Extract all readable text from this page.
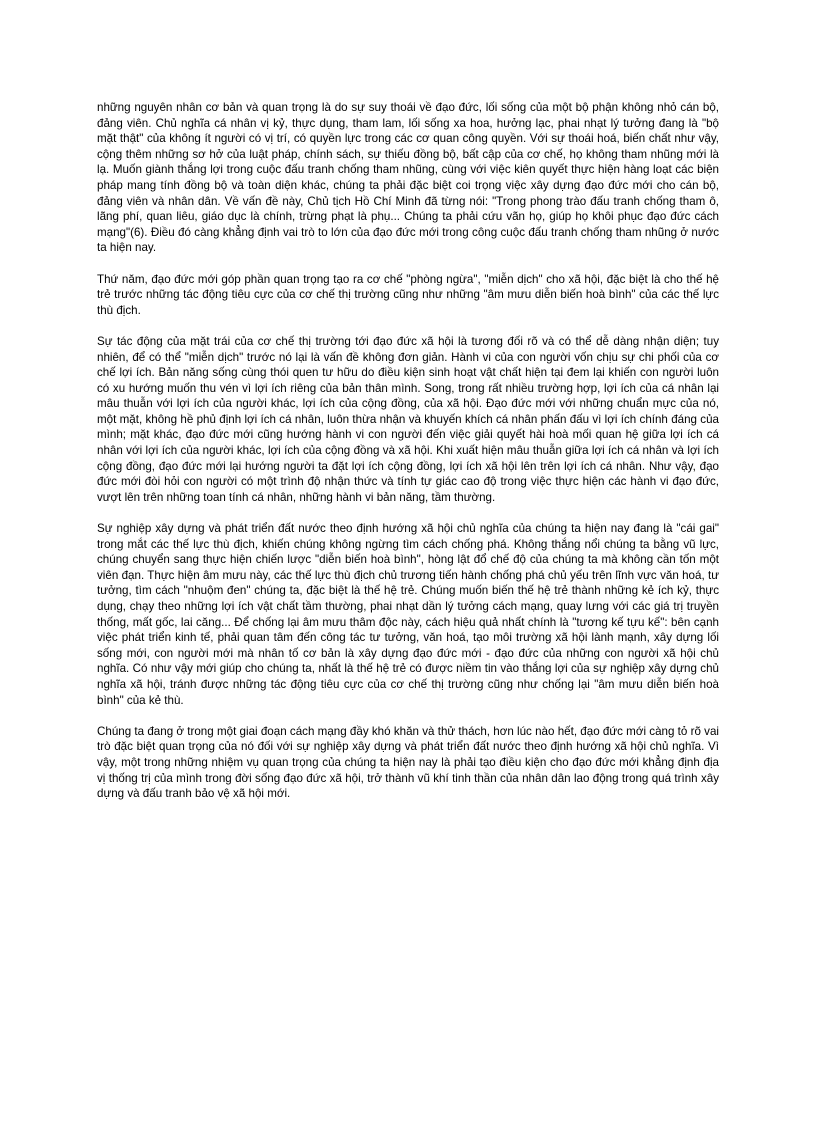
những nguyên nhân cơ bản và quan trọng là do sự suy thoái về đạo đức, lối sống của một bộ phận không nhỏ cán bộ, đảng viên. Chủ nghĩa cá nhân vị kỷ, thực dụng, tham lam, lối sống xa hoa, hưởng lạc, phai nhạt lý tưởng đang là "bộ mặt thật" của không ít người có vị trí, có quyền lực trong các cơ quan công quyền. Với sự thoái hoá, biến chất như vậy, cộng thêm những sơ hở của luật pháp, chính sách, sự thiếu đồng bộ, bất cập của cơ chế, họ không tham nhũng mới là lạ. Muốn giành thắng lợi trong cuộc đấu tranh chống tham nhũng, cùng với việc kiên quyết thực hiện hàng loạt các biện pháp mang tính đồng bộ và toàn diện khác, chúng ta phải đặc biệt coi trọng việc xây dựng đạo đức mới cho cán bộ, đảng viên và nhân dân. Về vấn đề này, Chủ tịch Hồ Chí Minh đã từng nói: "Trong phong trào đấu tranh chống tham ô, lãng phí, quan liêu, giáo dục là chính, trừng phạt là phụ... Chúng ta phải cứu vãn họ, giúp họ khôi phục đạo đức cách mạng"(6). Điều đó càng khẳng định vai trò to lớn của đạo đức mới trong công cuộc đấu tranh chống tham nhũng ở nước ta hiện nay.

Thứ năm, đạo đức mới góp phần quan trọng tạo ra cơ chế "phòng ngừa", "miễn dịch" cho xã hội, đặc biệt là cho thế hệ trẻ trước những tác động tiêu cực của cơ chế thị trường cũng như những "âm mưu diễn biến hoà bình" của các thế lực thù địch.

Sự tác động của mặt trái của cơ chế thị trường tới đạo đức xã hội là tương đối rõ và có thể dễ dàng nhận diện; tuy nhiên, để có thể "miễn dịch" trước nó lại là vấn đề không đơn giản. Hành vi của con người vốn chịu sự chi phối của cơ chế lợi ích. Bản năng sống cùng thói quen tư hữu do điều kiện sinh hoạt vật chất hiện tại đem lại khiến con người luôn có xu hướng muốn thu vén vì lợi ích riêng của bản thân mình. Song, trong rất nhiều trường hợp, lợi ích của cá nhân lại mâu thuẫn với lợi ích của người khác, lợi ích của cộng đồng, của xã hội. Đạo đức mới với những chuẩn mực của nó, một mặt, không hề phủ định lợi ích cá nhân, luôn thừa nhận và khuyến khích cá nhân phấn đấu vì lợi ích chính đáng của mình; mặt khác, đạo đức mới cũng hướng hành vi con người đến việc giải quyết hài hoà mối quan hệ giữa lợi ích cá nhân với lợi ích của người khác, lợi ích của cộng đồng và xã hội. Khi xuất hiện mâu thuẫn giữa lợi ích cá nhân và lợi ích cộng đồng, đạo đức mới lại hướng người ta đặt lợi ích cộng đồng, lợi ích xã hội lên trên lợi ích cá nhân. Như vậy, đạo đức mới đòi hỏi con người có một trình độ nhận thức và tính tự giác cao độ trong việc thực hiện các hành vi đạo đức, vượt lên trên những toan tính cá nhân, những hành vi bản năng, tầm thường.

Sự nghiệp xây dựng và phát triển đất nước theo định hướng xã hội chủ nghĩa của chúng ta hiện nay đang là "cái gai" trong mắt các thế lực thù địch, khiến chúng không ngừng tìm cách chống phá. Không thắng nổi chúng ta bằng vũ lực, chúng chuyển sang thực hiện chiến lược "diễn biến hoà bình", hòng lật đổ chế độ của chúng ta mà không cần tốn một viên đạn. Thực hiện âm mưu này, các thế lực thù địch chủ trương tiến hành chống phá chủ yếu trên lĩnh vực văn hoá, tư tưởng, tìm cách "nhuộm đen" chúng ta, đặc biệt là thế hệ trẻ. Chúng muốn biến thế hệ trẻ thành những kẻ ích kỷ, thực dụng, chạy theo những lợi ích vật chất tầm thường, phai nhạt dần lý tưởng cách mạng, quay lưng với các giá trị truyền thống, mất gốc, lai căng... Để chống lại âm mưu thâm độc này, cách hiệu quả nhất chính là "tương kế tựu kế": bên cạnh việc phát triển kinh tế, phải quan tâm đến công tác tư tưởng, văn hoá, tạo môi trường xã hội lành mạnh, xây dựng lối sống mới, con người mới mà nhân tố cơ bản là xây dựng đạo đức mới - đạo đức của những con người xã hội chủ nghĩa. Có như vậy mới giúp cho chúng ta, nhất là thế hệ trẻ có được niềm tin vào thắng lợi của sự nghiệp xây dựng chủ nghĩa xã hội, tránh được những tác động tiêu cực của cơ chế thị trường cũng như chống lại "âm mưu diễn biến hoà bình" của kẻ thù.

Chúng ta đang ở trong một giai đoạn cách mạng đầy khó khăn và thử thách, hơn lúc nào hết, đạo đức mới càng tỏ rõ vai trò đặc biệt quan trọng của nó đối với sự nghiệp xây dựng và phát triển đất nước theo định hướng xã hội chủ nghĩa. Vì vậy, một trong những nhiệm vụ quan trọng của chúng ta hiện nay là phải tạo điều kiện cho đạo đức mới khẳng định địa vị thống trị của mình trong đời sống đạo đức xã hội, trở thành vũ khí tinh thần của nhân dân lao động trong quá trình xây dựng và đấu tranh bảo vệ xã hội mới.
